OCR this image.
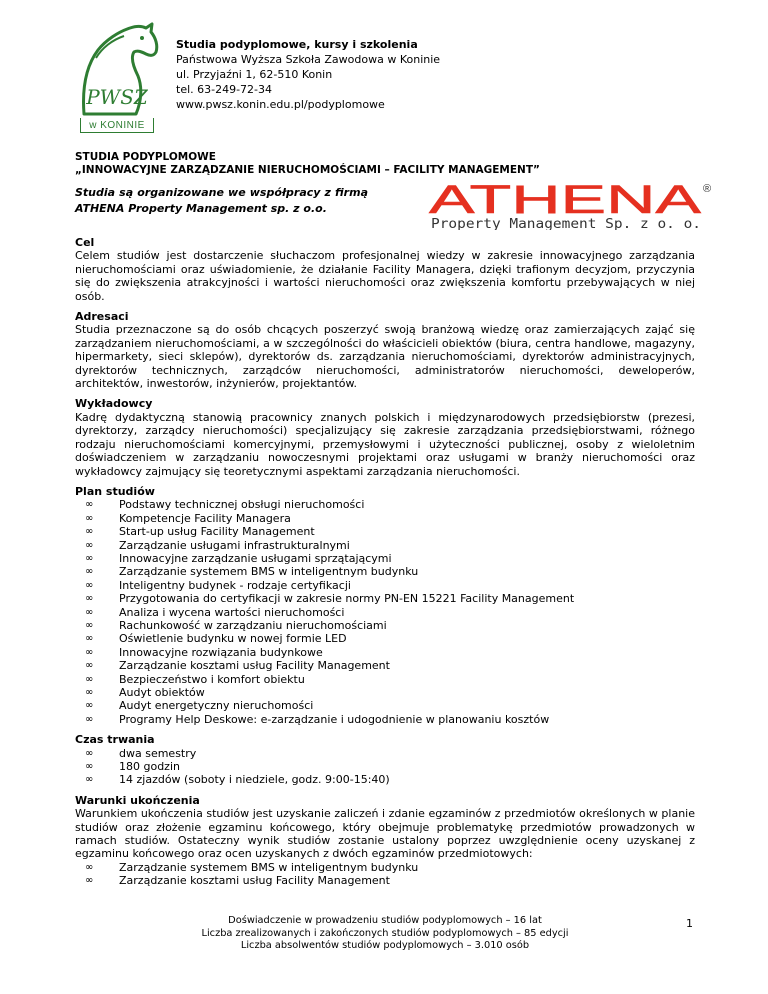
PWSZ
w KONINIE
Studia podyplomowe, kursy i szkolenia
Państwowa Wyższa Szkoła Zawodowa w Koninie
ul. Przyjaźni 1, 62-510 Konin
tel. 63-249-72-34
www.pwsz.konin.edu.pl/podyplomowe
STUDIA PODYPLOMOWE
„INNOWACYJNE ZARZĄDZANIE NIERUCHOMOŚCIAMI – FACILITY MANAGEMENT”
Studia są organizowane we współpracy z firmą ATHENA Property Management sp. z o.o.	ATHENA ®
Property Management Sp. z o. o.
Cel

Celem studiów jest dostarczenie słuchaczom profesjonalnej wiedzy w zakresie innowacyjnego zarządzania nieruchomościami oraz uświadomienie, że działanie Facility Managera, dzięki trafionym decyzjom, przyczynia się do zwiększenia atrakcyjności i wartości nieruchomości oraz zwiększenia komfortu przebywających w niej osób.

Adresaci

Studia przeznaczone są do osób chcących poszerzyć swoją branżową wiedzę oraz zamierzających zająć się zarządzaniem nieruchomościami, a w szczególności do właścicieli obiektów (biura, centra handlowe, magazyny, hipermarkety, sieci sklepów), dyrektorów ds. zarządzania nieruchomościami, dyrektorów administracyjnych, dyrektorów technicznych, zarządców nieruchomości, administratorów nieruchomości, deweloperów, architektów, inwestorów, inżynierów, projektantów.

Wykładowcy

Kadrę dydaktyczną stanowią pracownicy znanych polskich i międzynarodowych przedsiębiorstw (prezesi, dyrektorzy, zarządcy nieruchomości) specjalizujący się zakresie zarządzania przedsiębiorstwami, różnego rodzaju nieruchomościami komercyjnymi, przemysłowymi i użyteczności publicznej, osoby z wieloletnim doświadczeniem w zarządzaniu nowoczesnymi projektami oraz usługami w branży nieruchomości oraz wykładowcy zajmujący się teoretycznymi aspektami zarządzania nieruchomości.

Plan studiów
∞ Podstawy technicznej obsługi nieruchomości
∞ Kompetencje Facility Managera
∞ Start-up usług Facility Management
∞ Zarządzanie usługami infrastrukturalnymi
∞ Innowacyjne zarządzanie usługami sprzątającymi
∞ Zarządzanie systemem BMS w inteligentnym budynku
∞ Inteligentny budynek - rodzaje certyfikacji
∞ Przygotowania do certyfikacji w zakresie normy PN-EN 15221 Facility Management
∞ Analiza i wycena wartości nieruchomości
∞ Rachunkowość w zarządzaniu nieruchomościami
∞ Oświetlenie budynku w nowej formie LED
∞ Innowacyjne rozwiązania budynkowe
∞ Zarządzanie kosztami usług Facility Management
∞ Bezpieczeństwo i komfort obiektu
∞ Audyt obiektów
∞ Audyt energetyczny nieruchomości
∞ Programy Help Deskowe: e-zarządzanie i udogodnienie w planowaniu kosztów
Czas trwania
∞ dwa semestry
∞ 180 godzin
∞ 14 zjazdów (soboty i niedziele, godz. 9:00-15:40)
Warunki ukończenia

Warunkiem ukończenia studiów jest uzyskanie zaliczeń i zdanie egzaminów z przedmiotów określonych w planie studiów oraz złożenie egzaminu końcowego, który obejmuje problematykę przedmiotów prowadzonych w ramach studiów. Ostateczny wynik studiów zostanie ustalony poprzez uwzględnienie oceny uzyskanej z egzaminu końcowego oraz ocen uzyskanych z dwóch egzaminów przedmiotowych:

∞ Zarządzanie systemem BMS w inteligentnym budynku
∞ Zarządzanie kosztami usług Facility Management
Doświadczenie w prowadzeniu studiów podyplomowych – 16 lat
Liczba zrealizowanych i zakończonych studiów podyplomowych – 85 edycji
Liczba absolwentów studiów podyplomowych – 3.010 osób
1
